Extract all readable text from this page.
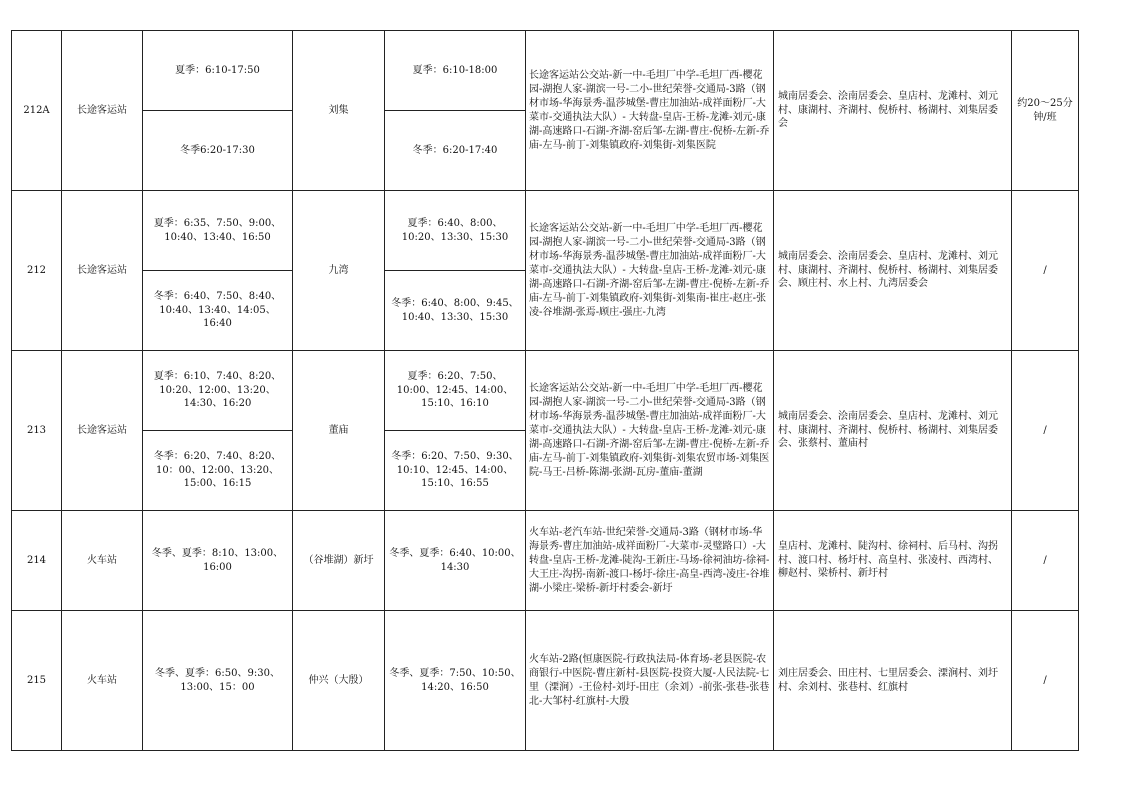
212A	长途客运站	夏季：6:10-17:50	刘集	夏季：6:10-18:00	长途客运站公交站-新一中-毛坦厂中学-毛坦厂西-樱花园-湖抱人家-湖滨一号-二小-世纪荣誉-交通局-3路（钢材市场-华海景秀-温莎城堡-曹庄加油站-成祥面粉厂-大菜市-交通执法大队）- 大转盘-皇店-王桥-龙滩-刘元-康湖-高速路口-石湖-齐湖-窑后邹-左湖-曹庄-倪桥-左新-乔庙-左马-前丁-刘集镇政府-刘集街-刘集医院	城南居委会、浍南居委会、皇店村、龙滩村、刘元村、康湖村、齐湖村、倪桥村、杨湖村、刘集居委会	约20～25分钟/班
		冬季6:20-17:30		冬季：6:20-17:40			
212	长途客运站	夏季：6:35、7:50、9:00、10:40、13:40、16:50	九湾	夏季：6:40、8:00、10:20、13:30、15:30	长途客运站公交站-新一中-毛坦厂中学-毛坦厂西-樱花园-湖抱人家-湖滨一号-二小-世纪荣誉-交通局-3路（钢材市场-华海景秀-温莎城堡-曹庄加油站-成祥面粉厂-大菜市-交通执法大队）- 大转盘-皇店-王桥-龙滩-刘元-康湖-高速路口-石湖-齐湖-窑后邹-左湖-曹庄-倪桥-左新-乔庙-左马-前丁-刘集镇政府-刘集街-刘集南-崔庄-赵庄-张凌-谷堆湖-张焉-顾庄-强庄-九湾	城南居委会、浍南居委会、皇店村、龙滩村、刘元村、康湖村、齐湖村、倪桥村、杨湖村、刘集居委会、顾庄村、水上村、九湾居委会	/
		冬季：6:40、7:50、8:40、10:40、13:40、14:05、16:40		冬季：6:40、8:00、9:45、10:40、13:30、15:30			
213	长途客运站	夏季：6:10、7:40、8:20、10:20、12:00、13:20、14:30、16:20	董庙	夏季：6:20、7:50、10:00、12:45、14:00、15:10、16:10	长途客运站公交站-新一中-毛坦厂中学-毛坦厂西-樱花园-湖抱人家-湖滨一号-二小-世纪荣誉-交通局-3路（钢材市场-华海景秀-温莎城堡-曹庄加油站-成祥面粉厂-大菜市-交通执法大队）- 大转盘-皇店-王桥-龙滩-刘元-康湖-高速路口-石湖-齐湖-窑后邹-左湖-曹庄-倪桥-左新-乔庙-左马-前丁-刘集镇政府-刘集街-刘集农贸市场-刘集医院-马王-吕桥-陈湖-张湖-瓦房-董庙-董湖	城南居委会、浍南居委会、皇店村、龙滩村、刘元村、康湖村、齐湖村、倪桥村、杨湖村、刘集居委会、张蔡村、董庙村	/
		冬季：6:20、7:40、8:20、10：00、12:00、13:20、15:00、16:15		冬季：6:20、7:50、9:30、10:10、12:45、14:00、15:10、16:55			
214	火车站	冬季、夏季：8:10、13:00、16:00	（谷堆湖）新圩	冬季、夏季：6:40、10:00、14:30	火车站-老汽车站-世纪荣誉-交通局-3路（钢材市场-华海景秀-曹庄加油站-成祥面粉厂-大菜市-灵璧路口）-大转盘-皇店-王桥-龙滩-陡沟-王新庄-马场-徐祠油坊-徐祠-大王庄-沟拐-南新-渡口-杨圩-徐庄-高皇-西湾-凌庄-谷堆湖-小梁庄-梁桥-新圩村委会-新圩	皇店村、龙滩村、陡沟村、徐祠村、后马村、沟拐村、渡口村、杨圩村、高皇村、张凌村、西湾村、柳赵村、梁桥村、新圩村	/
215	火车站	冬季、夏季：6:50、9:30、13:00、15：00	仲兴（大殷）	冬季、夏季：7:50、10:50、14:20、16:50	火车站-2路(恒康医院-行政执法局-体育场-老县医院-农商银行-中医院-曹庄新村-县医院-投资大厦-人民法院-七里（溧涧）-王俭村-刘圩-田庄（余刘）-前张-张巷-张巷北-大邹村-红旗村-大殷	刘庄居委会、田庄村、七里居委会、溧涧村、刘圩村、余刘村、张巷村、红旗村	/
